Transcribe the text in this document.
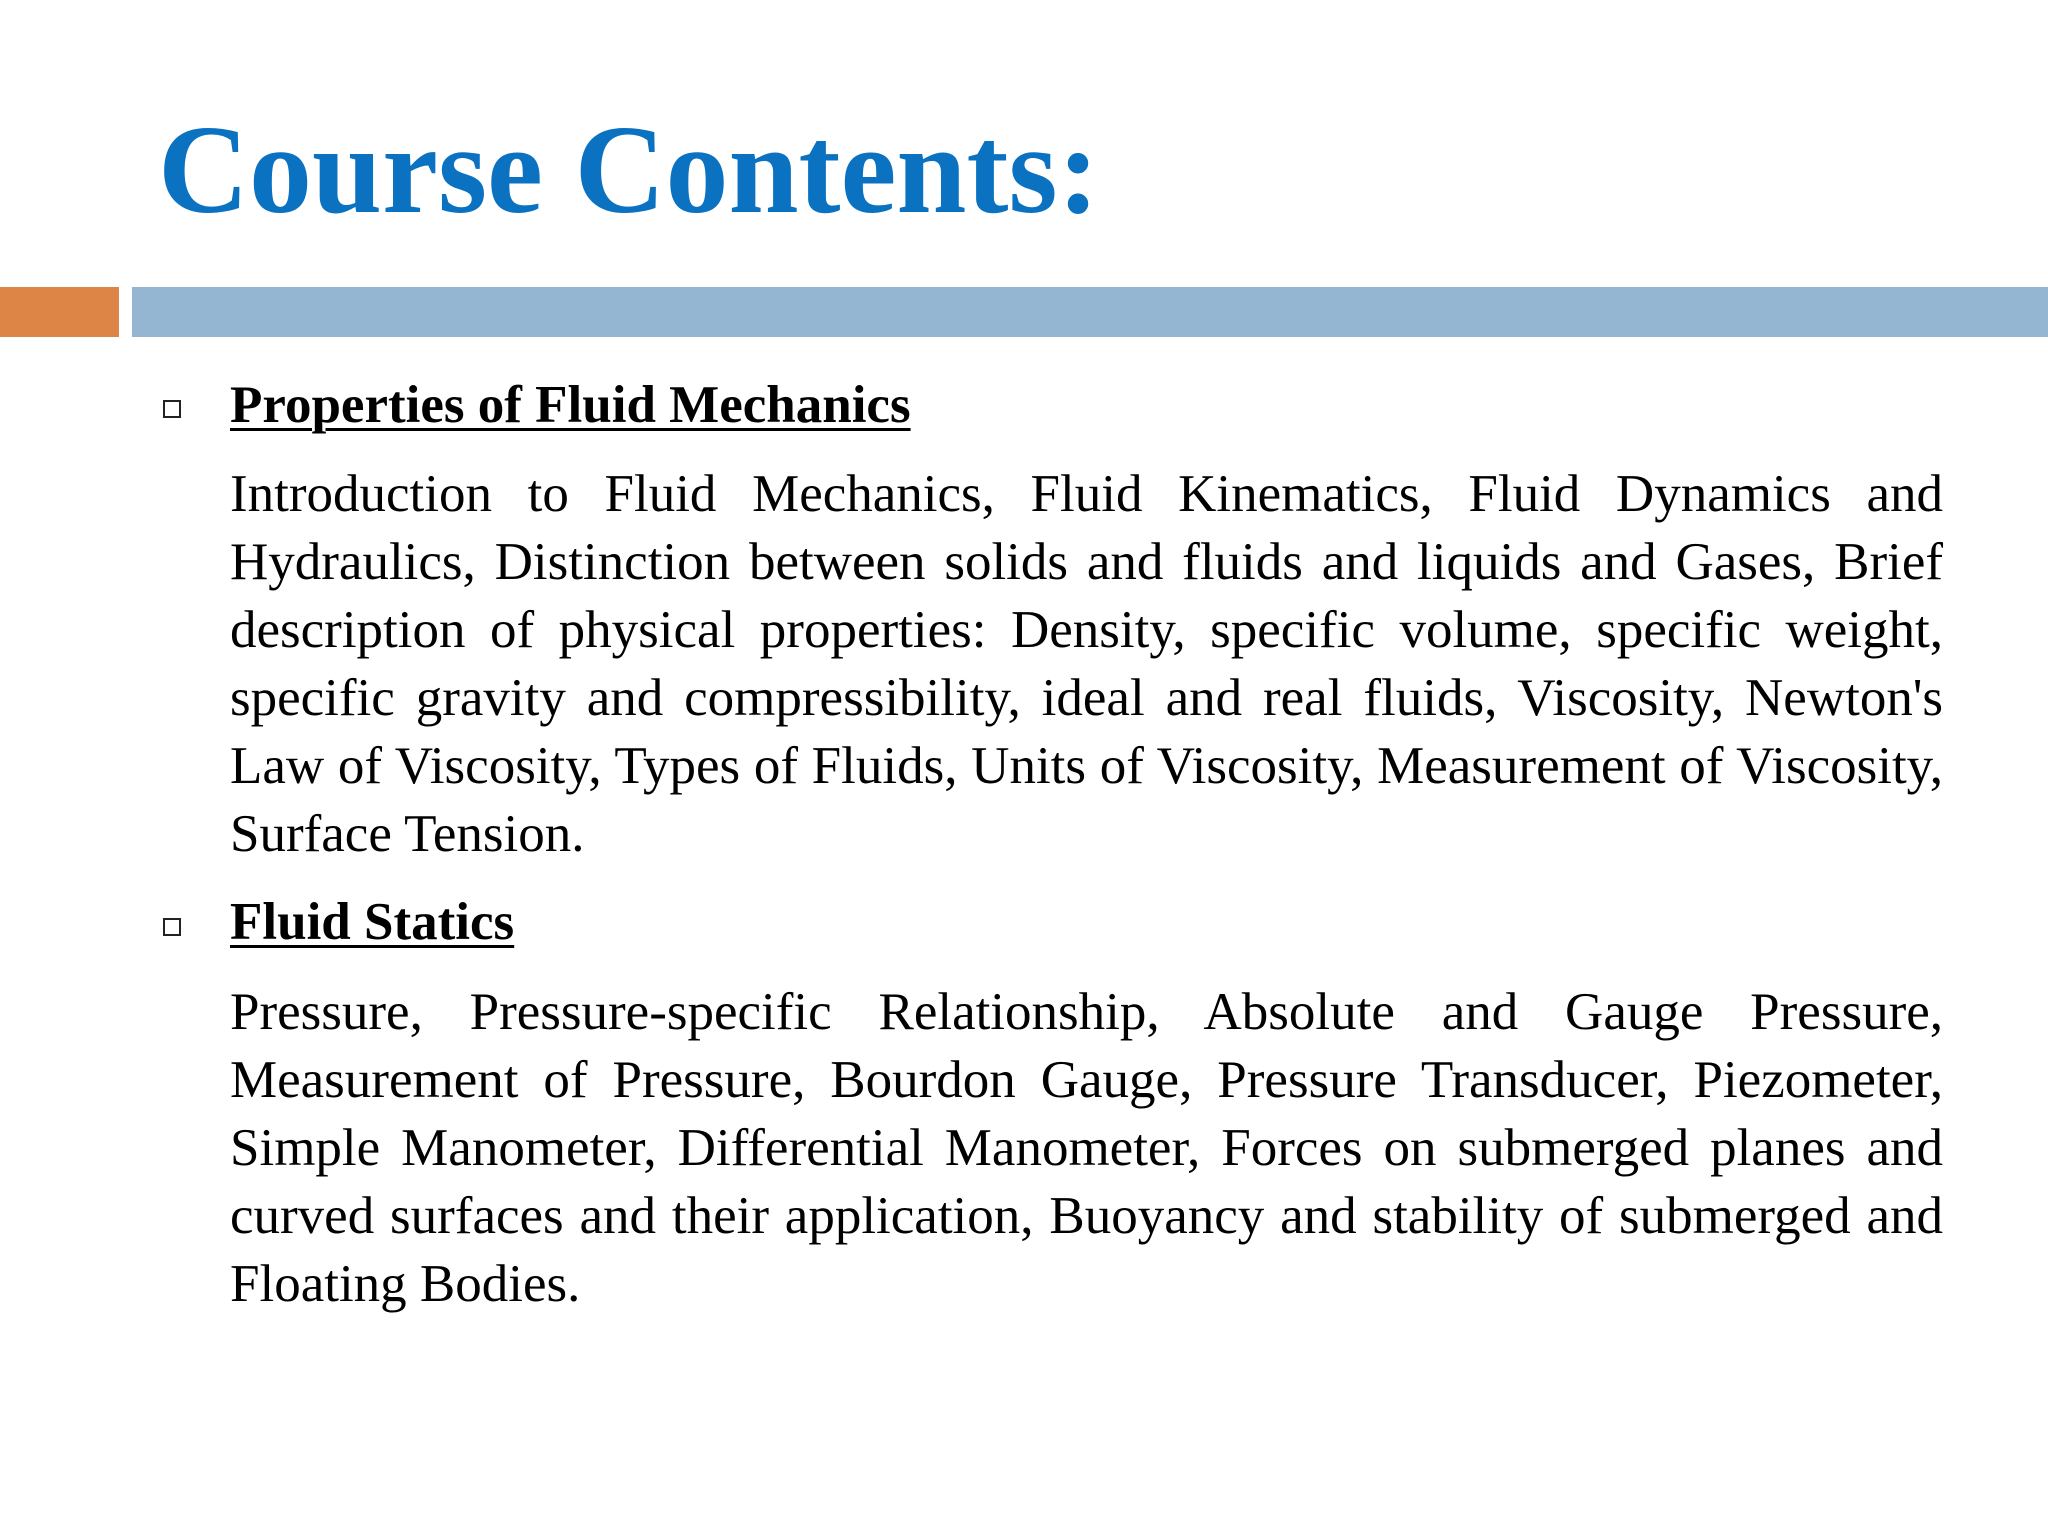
Course Contents:
Properties of Fluid Mechanics

Introduction to Fluid Mechanics, Fluid Kinematics, Fluid Dynamics and Hydraulics, Distinction between solids and fluids and liquids and Gases, Brief description of physical properties: Density, specific volume, specific weight, specific gravity and compressibility, ideal and real fluids, Viscosity, Newton's Law of Viscosity, Types of Fluids, Units of Viscosity, Measurement of Viscosity, Surface Tension.

Fluid Statics

Pressure, Pressure-specific Relationship, Absolute and Gauge Pressure, Measurement of Pressure, Bourdon Gauge, Pressure Transducer, Piezometer, Simple Manometer, Differential Manometer, Forces on submerged planes and curved surfaces and their application, Buoyancy and stability of submerged and Floating Bodies.
